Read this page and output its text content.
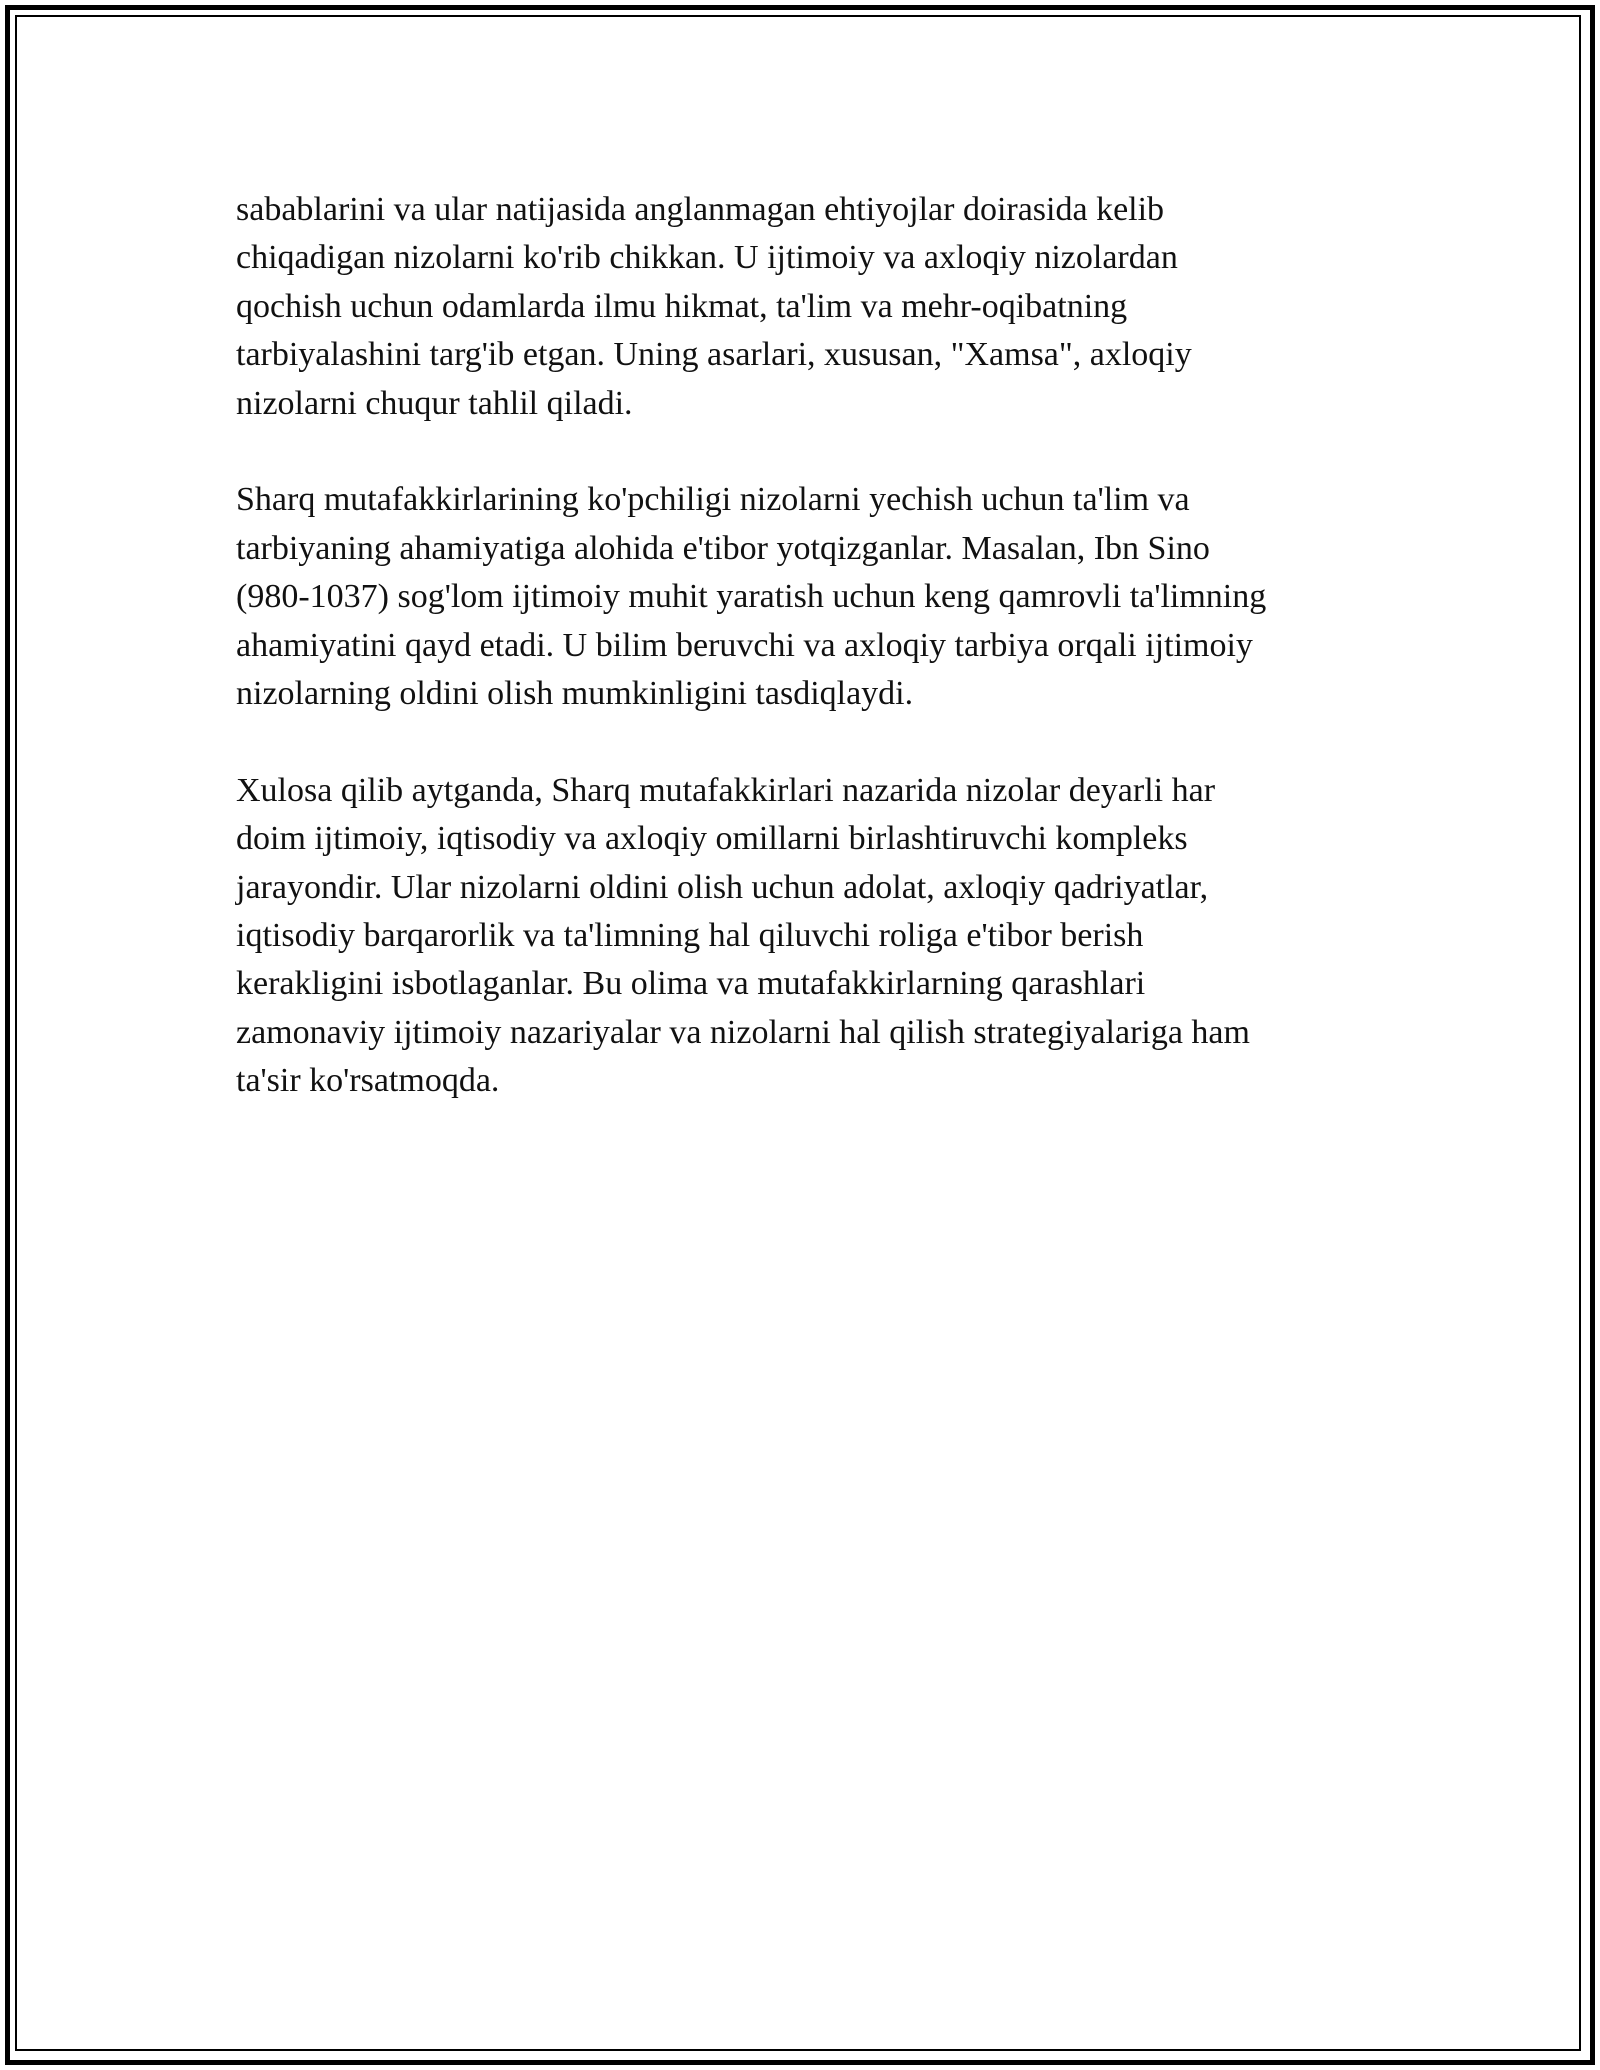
sabablarini va ular natijasida anglanmagan ehtiyojlar doirasida kelib
chiqadigan nizolarni ko'rib chikkan. U ijtimoiy va axloqiy nizolardan
qochish uchun odamlarda ilmu hikmat, ta'lim va mehr-oqibatning
tarbiyalashini targ'ib etgan. Uning asarlari, xususan, "Xamsa", axloqiy
nizolarni chuqur tahlil qiladi.

Sharq mutafakkirlarining ko'pchiligi nizolarni yechish uchun ta'lim va
tarbiyaning ahamiyatiga alohida e'tibor yotqizganlar. Masalan, Ibn Sino
(980-1037) sog'lom ijtimoiy muhit yaratish uchun keng qamrovli ta'limning
ahamiyatini qayd etadi. U bilim beruvchi va axloqiy tarbiya orqali ijtimoiy
nizolarning oldini olish mumkinligini tasdiqlaydi.

Xulosa qilib aytganda, Sharq mutafakkirlari nazarida nizolar deyarli har
doim ijtimoiy, iqtisodiy va axloqiy omillarni birlashtiruvchi kompleks
jarayondir. Ular nizolarni oldini olish uchun adolat, axloqiy qadriyatlar,
iqtisodiy barqarorlik va ta'limning hal qiluvchi roliga e'tibor berish
kerakligini isbotlaganlar. Bu olima va mutafakkirlarning qarashlari
zamonaviy ijtimoiy nazariyalar va nizolarni hal qilish strategiyalariga ham
ta'sir ko'rsatmoqda.
